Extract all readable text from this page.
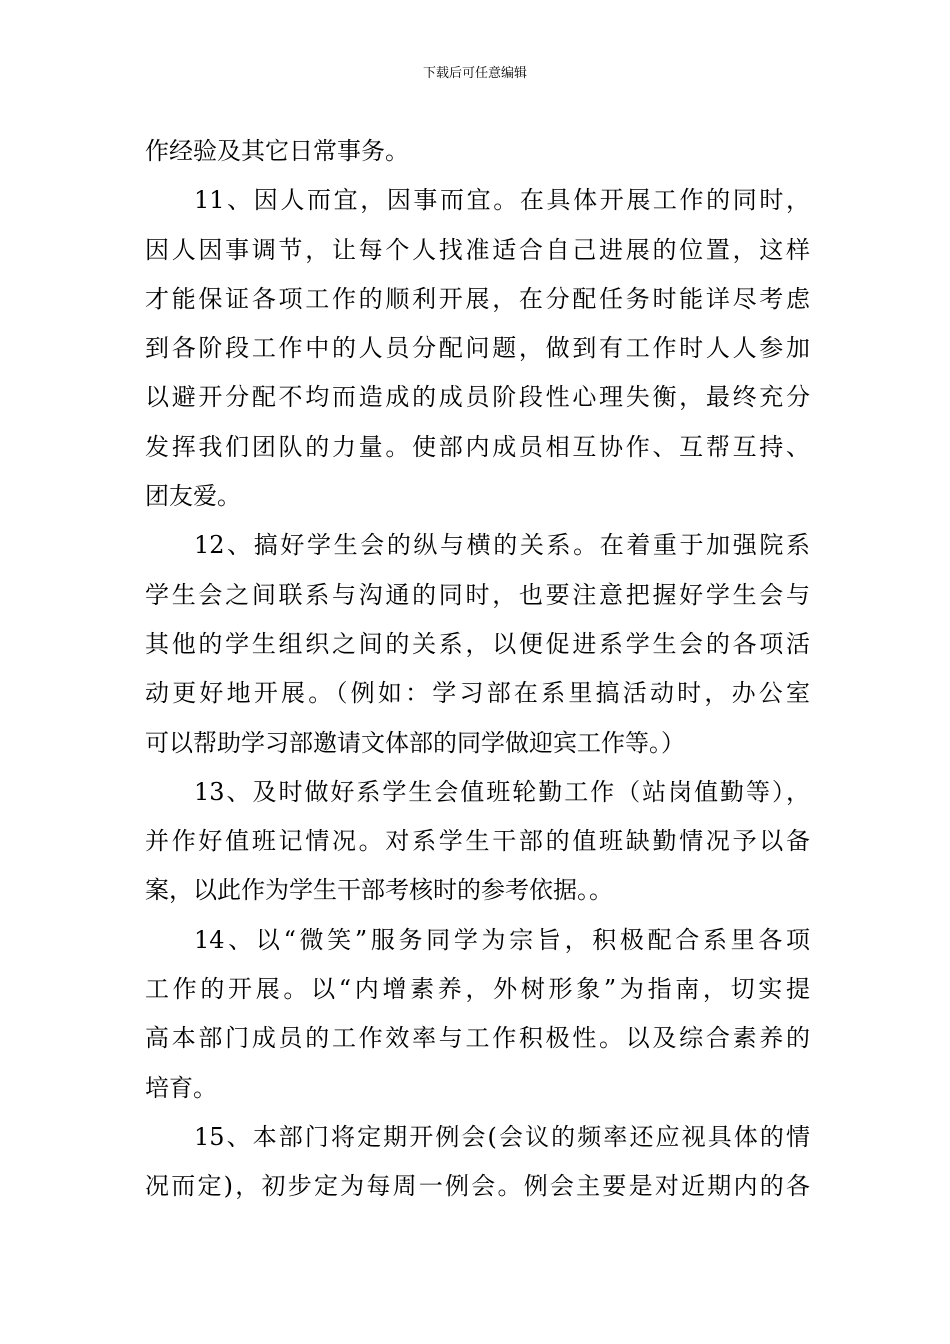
下载后可任意编辑
作经验及其它日常事务。
11、因人而宜，因事而宜。在具体开展工作的同时，
因人因事调节，让每个人找准适合自己进展的位置，这样
才能保证各项工作的顺利开展，在分配任务时能详尽考虑
到各阶段工作中的人员分配问题，做到有工作时人人参加
以避开分配不均而造成的成员阶段性心理失衡，最终充分
发挥我们团队的力量。使部内成员相互协作、互帮互持、
团友爱。
12、搞好学生会的纵与横的关系。在着重于加强院系
学生会之间联系与沟通的同时，也要注意把握好学生会与
其他的学生组织之间的关系，以便促进系学生会的各项活
动更好地开展。（例如：学习部在系里搞活动时，办公室
可以帮助学习部邀请文体部的同学做迎宾工作等。）
13、及时做好系学生会值班轮勤工作（站岗值勤等），
并作好值班记情况。对系学生干部的值班缺勤情况予以备
案，以此作为学生干部考核时的参考依据。。
14、以“微笑”服务同学为宗旨，积极配合系里各项
工作的开展。以“内增素养，外树形象”为指南，切实提
高本部门成员的工作效率与工作积极性。以及综合素养的
培育。
15、本部门将定期开例会(会议的频率还应视具体的情
况而定)，初步定为每周一例会。例会主要是对近期内的各
